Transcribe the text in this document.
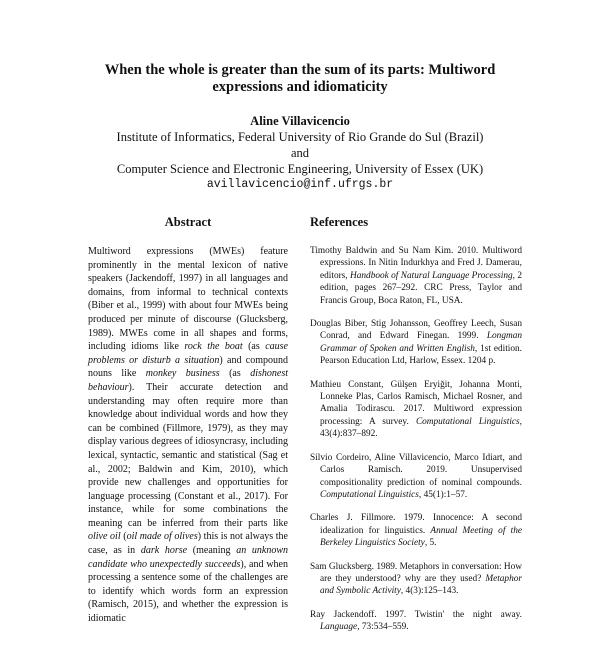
When the whole is greater than the sum of its parts: Multiword expressions and idiomaticity
Aline Villavicencio
Institute of Informatics, Federal University of Rio Grande do Sul (Brazil)
and
Computer Science and Electronic Engineering, University of Essex (UK)
avillavicencio@inf.ufrgs.br
Abstract

Multiword expressions (MWEs) feature prominently in the mental lexicon of native speakers (Jackendoff, 1997) in all languages and domains, from informal to technical contexts (Biber et al., 1999) with about four MWEs being produced per minute of discourse (Glucksberg, 1989). MWEs come in all shapes and forms, including idioms like rock the boat (as cause problems or disturb a situation) and compound nouns like monkey business (as dishonest behaviour). Their accurate detection and understanding may often require more than knowledge about individual words and how they can be combined (Fillmore, 1979), as they may display various degrees of idiosyncrasy, including lexical, syntactic, semantic and statistical (Sag et al., 2002; Baldwin and Kim, 2010), which provide new challenges and opportunities for language processing (Constant et al., 2017). For instance, while for some combinations the meaning can be inferred from their parts like olive oil (oil made of olives) this is not always the case, as in dark horse (meaning an unknown candidate who unexpectedly succeeds), and when processing a sentence some of the challenges are to identify which words form an expression (Ramisch, 2015), and whether the expression is idiomatic

References
Timothy Baldwin and Su Nam Kim. 2010. Multiword expressions. In Nitin Indurkhya and Fred J. Damerau, editors, Handbook of Natural Language Processing, 2 edition, pages 267–292. CRC Press, Taylor and Francis Group, Boca Raton, FL, USA.
Douglas Biber, Stig Johansson, Geoffrey Leech, Susan Conrad, and Edward Finegan. 1999. Longman Grammar of Spoken and Written English, 1st edition. Pearson Education Ltd, Harlow, Essex. 1204 p.
Mathieu Constant, Gülşen Eryiğit, Johanna Monti, Lonneke Plas, Carlos Ramisch, Michael Rosner, and Amalia Todirascu. 2017. Multiword expression processing: A survey. Computational Linguistics, 43(4):837–892.
Silvio Cordeiro, Aline Villavicencio, Marco Idiart, and Carlos Ramisch. 2019. Unsupervised compositionality prediction of nominal compounds. Computational Linguistics, 45(1):1–57.
Charles J. Fillmore. 1979. Innocence: A second idealization for linguistics. Annual Meeting of the Berkeley Linguistics Society, 5.
Sam Glucksberg. 1989. Metaphors in conversation: How are they understood? why are they used? Metaphor and Symbolic Activity, 4(3):125–143.
Ray Jackendoff. 1997. Twistin' the night away. Language, 73:534–559.
